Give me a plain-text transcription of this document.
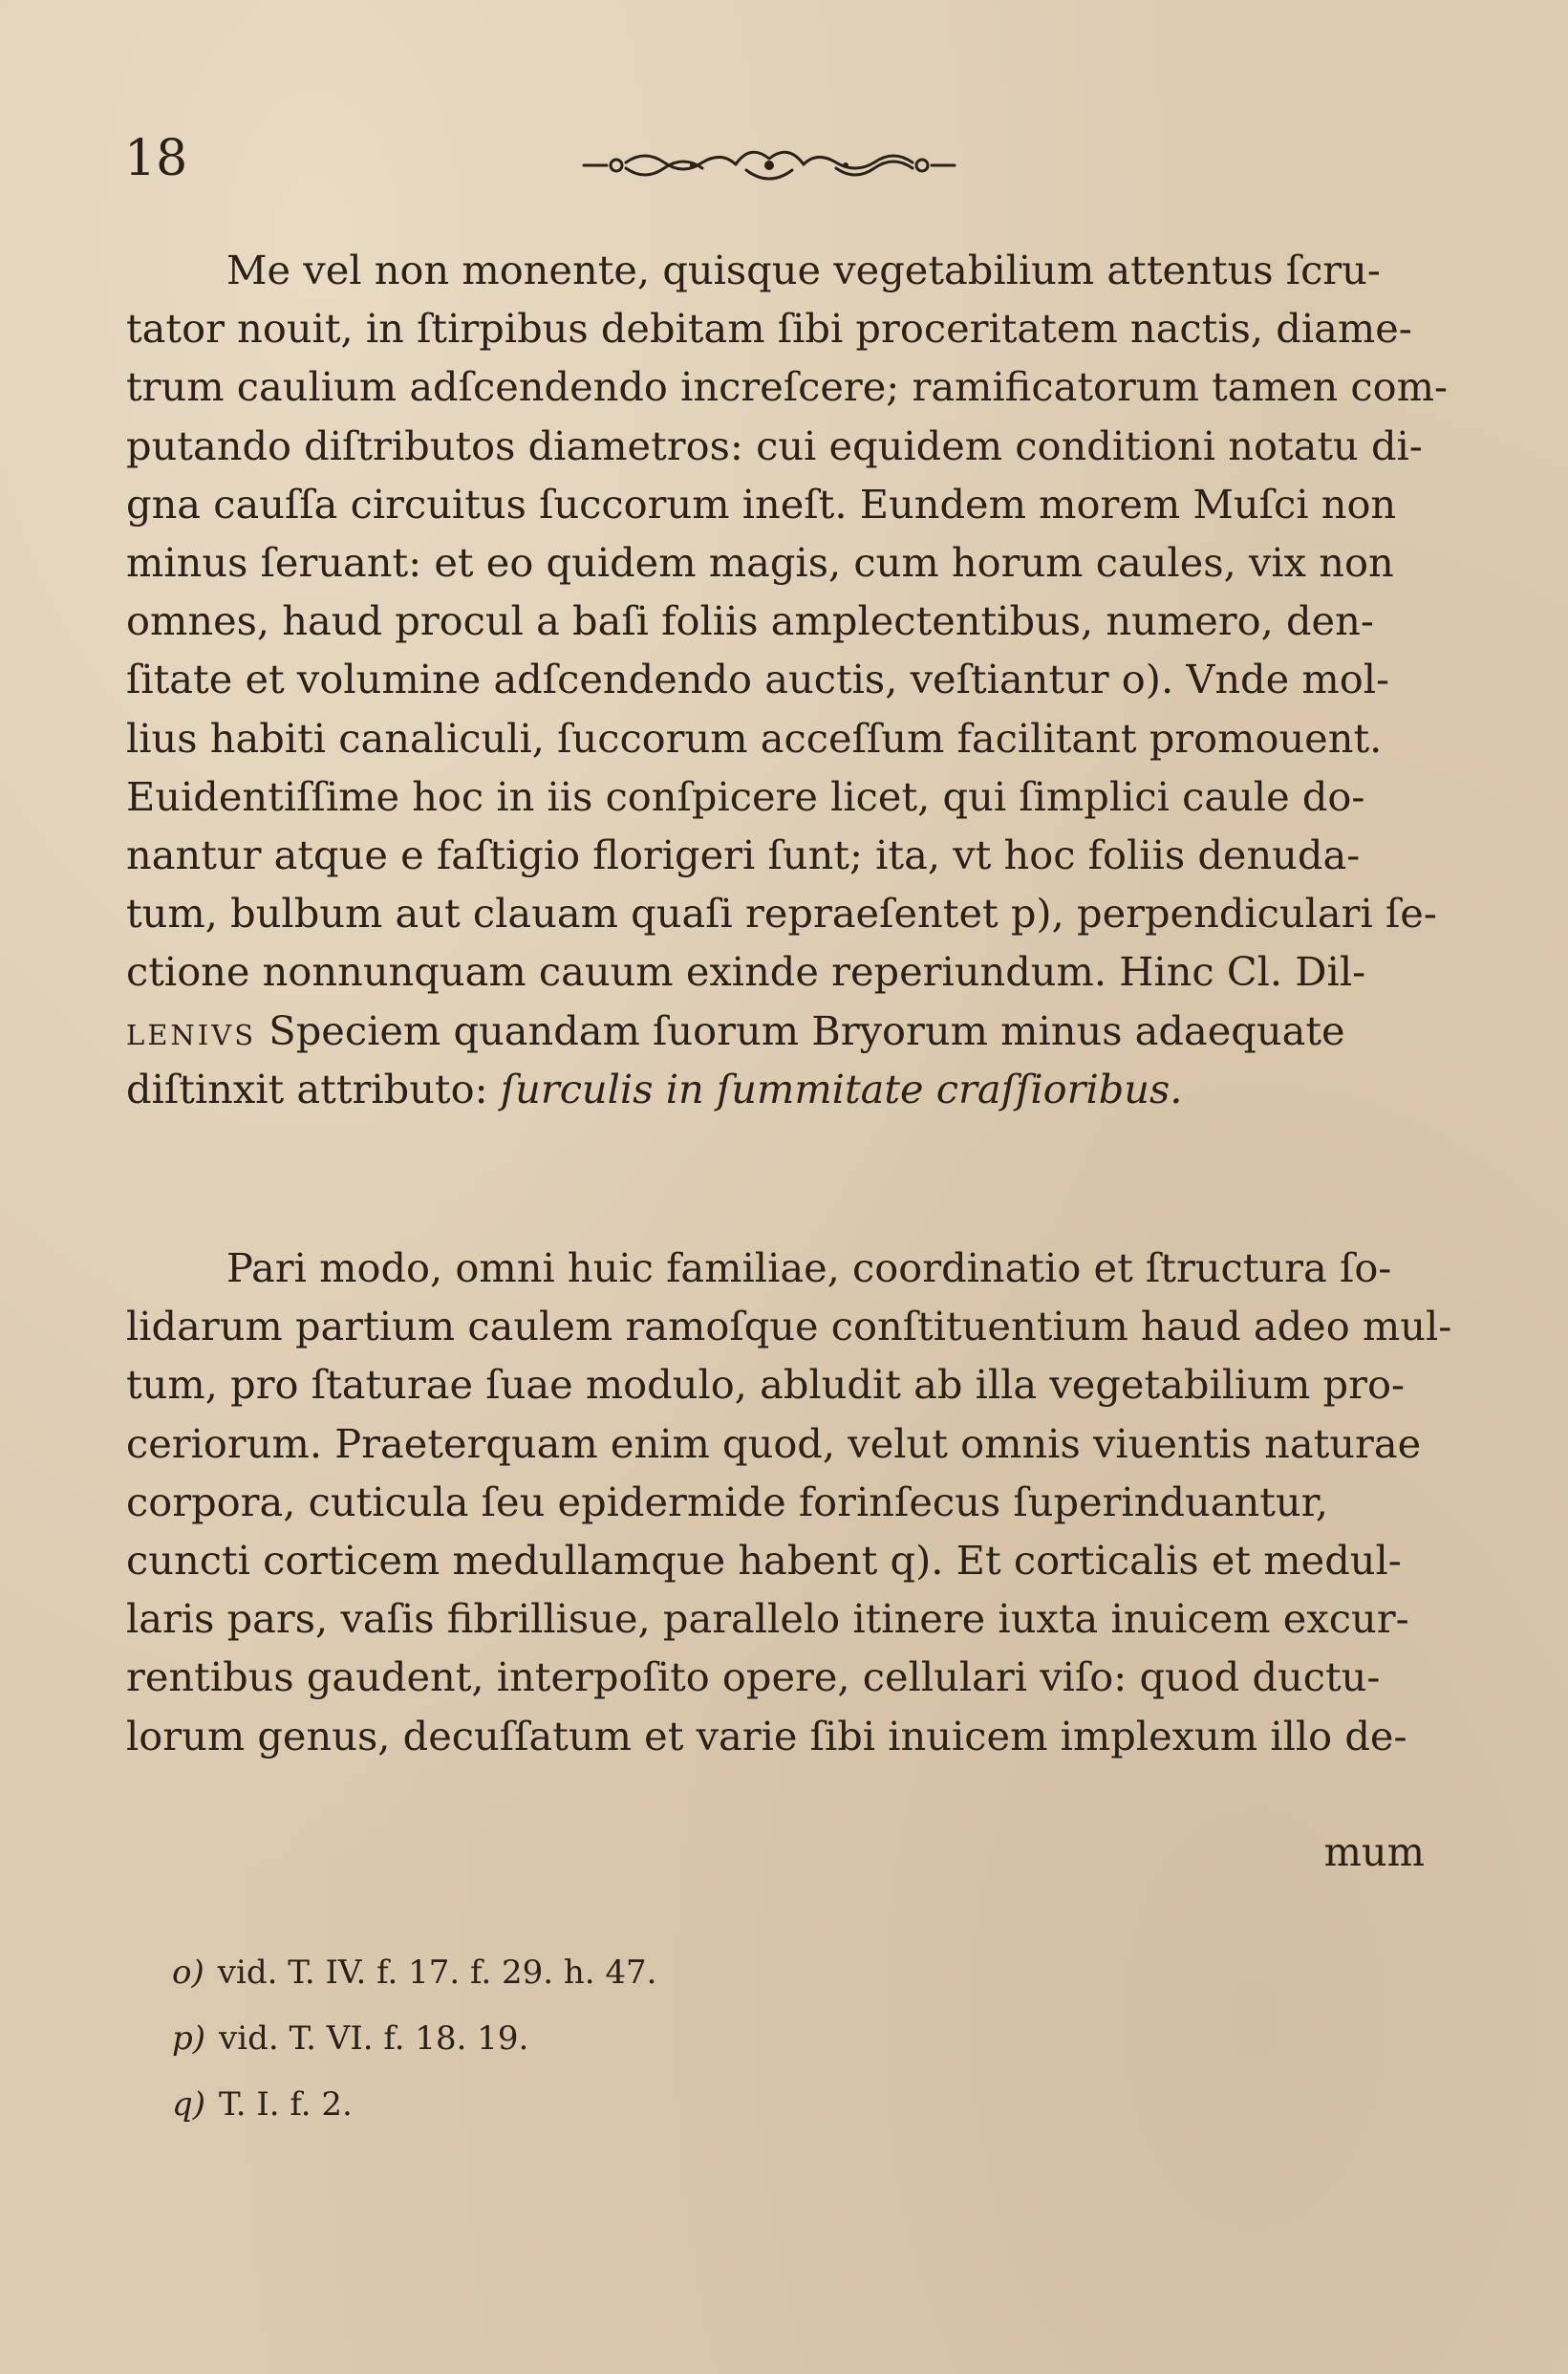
18
Me vel non monente, quisque vegetabilium attentus ſcru-
tator nouit, in ſtirpibus debitam ſibi proceritatem nactis, diame-
trum caulium adſcendendo increſcere; ramificatorum tamen com-
putando diſtributos diametros: cui equidem conditioni notatu di-
gna cauſſa circuitus ſuccorum ineſt. Eundem morem Muſci non
minus ſeruant: et eo quidem magis, cum horum caules, vix non
omnes, haud procul a baſi foliis amplectentibus, numero, den-
ſitate et volumine adſcendendo auctis, veſtiantur o). Vnde mol-
lius habiti canaliculi, ſuccorum acceſſum facilitant promouent.
Euidentiſſime hoc in iis conſpicere licet, qui ſimplici caule do-
nantur atque e faſtigio florigeri ſunt; ita, vt hoc foliis denuda-
tum, bulbum aut clauam quaſi repraeſentet p), perpendiculari ſe-
ctione nonnunquam cauum exinde reperiundum. Hinc Cl. Dil-
lenivs Speciem quandam ſuorum Bryorum minus adaequate
diſtinxit attributo: ſurculis in ſummitate craſſioribus.
Pari modo, omni huic familiae, coordinatio et ſtructura ſo-
lidarum partium caulem ramoſque conſtituentium haud adeo mul-
tum, pro ſtaturae ſuae modulo, abludit ab illa vegetabilium pro-
ceriorum. Praeterquam enim quod, velut omnis viuentis naturae
corpora, cuticula ſeu epidermide forinſecus ſuperinduantur,
cuncti corticem medullamque habent q). Et corticalis et medul-
laris pars, vaſis fibrillisue, parallelo itinere iuxta inuicem excur-
rentibus gaudent, interpoſito opere, cellulari viſo: quod ductu-
lorum genus, decuſſatum et varie ſibi inuicem implexum illo de-
mum
o) vid. T. IV. f. 17. f. 29. h. 47.
p) vid. T. VI. f. 18. 19.
q) T. I. f. 2.
